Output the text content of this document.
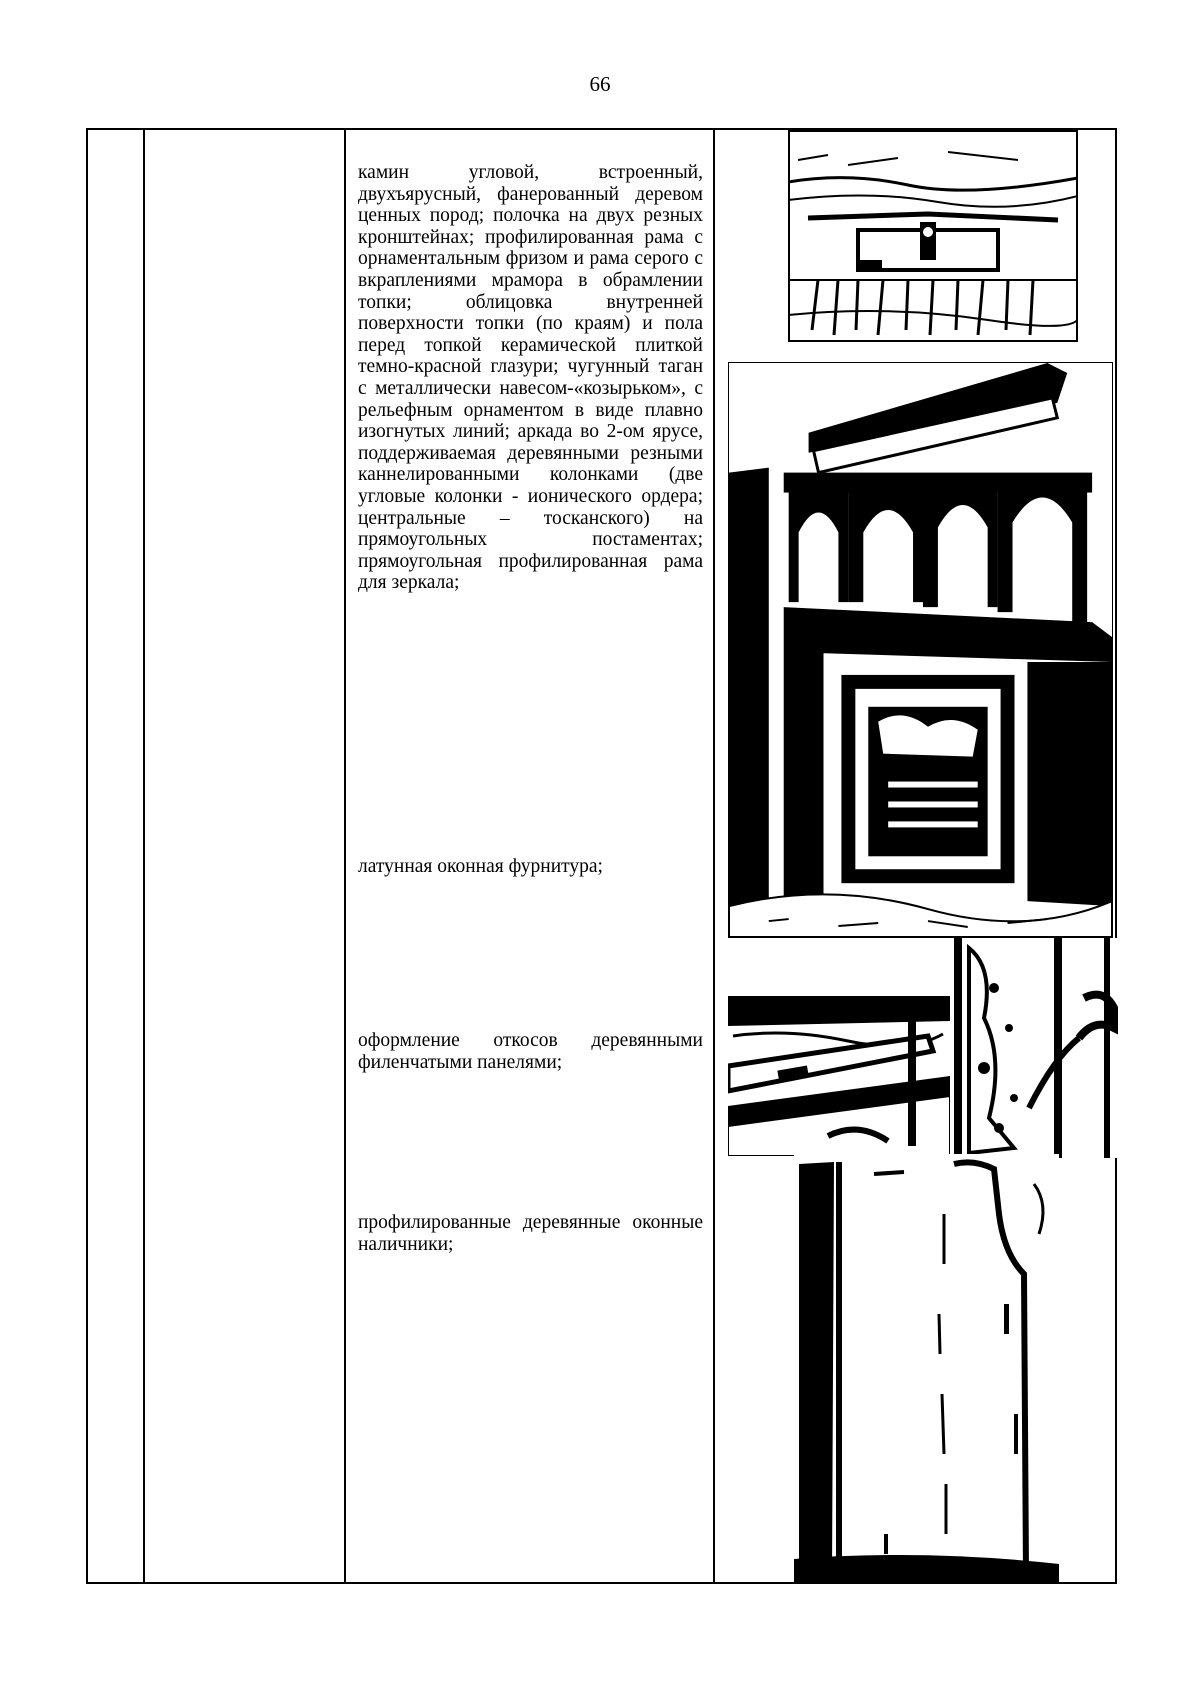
66

камин угловой, встроенный, двухъярусный, фанерованный деревом ценных пород; полочка на двух резных кронштейнах; профилированная рама с орнаментальным фризом и рама серого с вкраплениями мрамора в обрамлении топки; облицовка внутренней поверхности топки (по краям) и пола перед топкой керамической плиткой темно-красной глазури; чугунный таган с металлически навесом-«козырьком», с рельефным орнаментом в виде плавно изогнутых линий; аркада во 2-ом ярусе, поддерживаемая деревянными резными каннелированными колонками (две угловые колонки - ионического ордера; центральные – тосканского) на прямоугольных постаментах; прямоугольная профилированная рама для зеркала;

латунная оконная фурнитура;

оформление откосов деревянными филенчатыми панелями;

профилированные деревянные оконные наличники;
